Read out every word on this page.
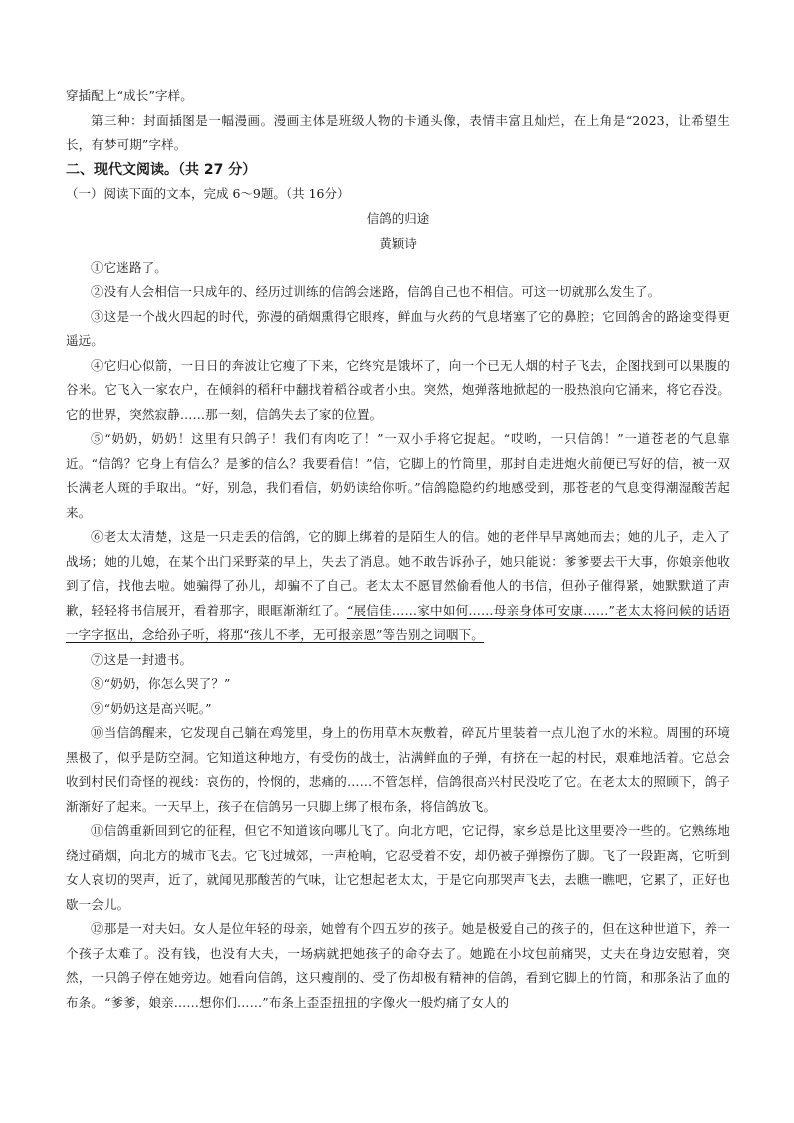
穿插配上“成长”字样。

第三种：封面插图是一幅漫画。漫画主体是班级人物的卡通头像，表情丰富且灿烂，在上角是“2023，让希望生长，有梦可期”字样。

二、现代文阅读。（共 27 分）

（一）阅读下面的文本，完成 6～9题。（共 16分）

信鸽的归途

黄颖诗

①它迷路了。

②没有人会相信一只成年的、经历过训练的信鸽会迷路，信鸽自己也不相信。可这一切就那么发生了。

③这是一个战火四起的时代，弥漫的硝烟熏得它眼疼，鲜血与火药的气息堵塞了它的鼻腔；它回鸽舍的路途变得更遥远。

④它归心似箭，一日日的奔波让它瘦了下来，它终究是饿坏了，向一个已无人烟的村子飞去，企图找到可以果腹的谷米。它飞入一家农户，在倾斜的稻秆中翻找着稻谷或者小虫。突然，炮弹落地掀起的一股热浪向它涌来，将它吞没。它的世界，突然寂静……那一刻，信鸽失去了家的位置。

⑤“奶奶，奶奶！这里有只鸽子！我们有肉吃了！”一双小手将它捉起。“哎哟，一只信鸽！”一道苍老的气息靠近。“信鸽？它身上有信么？是爹的信么？我要看信！”信，它脚上的竹筒里，那封自走进炮火前便已写好的信，被一双长满老人斑的手取出。“好，别急，我们看信，奶奶读给你听。”信鸽隐隐约约地感受到，那苍老的气息变得潮湿酸苦起来。

⑥老太太清楚，这是一只走丢的信鸽，它的脚上绑着的是陌生人的信。她的老伴早早离她而去；她的儿子，走入了战场；她的儿媳，在某个出门采野菜的早上，失去了消息。她不敢告诉孙子，她只能说：爹爹要去干大事，你娘亲他收到了信，找他去啦。她骗得了孙儿，却骗不了自己。老太太不愿冒然偷看他人的书信，但孙子催得紧，她默默道了声歉，轻轻将书信展开，看着那字，眼眶渐渐红了。“展信佳……家中如何……母亲身体可安康……”老太太将问候的话语一字字抠出，念给孙子听，将那“孩儿不孝，无可报亲恩”等告别之词咽下。

⑦这是一封遗书。

⑧“奶奶，你怎么哭了？”

⑨“奶奶这是高兴呢。”

⑩当信鸽醒来，它发现自己躺在鸡笼里，身上的伤用草木灰敷着，碎瓦片里装着一点儿泡了水的米粒。周围的环境黑极了，似乎是防空洞。它知道这种地方，有受伤的战士，沾满鲜血的子弹，有挤在一起的村民，艰难地活着。它总会收到村民们奇怪的视线：哀伤的，怜悯的，悲痛的……不管怎样，信鸽很高兴村民没吃了它。在老太太的照顾下，鸽子渐渐好了起来。一天早上，孩子在信鸽另一只脚上绑了根布条，将信鸽放飞。

⑪信鸽重新回到它的征程，但它不知道该向哪儿飞了。向北方吧，它记得，家乡总是比这里要冷一些的。它熟练地绕过硝烟，向北方的城市飞去。它飞过城郊，一声枪响，它忍受着不安，却仍被子弹擦伤了脚。飞了一段距离，它听到女人哀切的哭声，近了，就闻见那酸苦的气味，让它想起老太太，于是它向那哭声飞去，去瞧一瞧吧，它累了，正好也歇一会儿。

⑫那是一对夫妇。女人是位年轻的母亲，她曾有个四五岁的孩子。她是极爱自己的孩子的，但在这种世道下，养一个孩子太难了。没有钱，也没有大夫，一场病就把她孩子的命夺去了。她跪在小坟包前痛哭，丈夫在身边安慰着，突然，一只鸽子停在她旁边。她看向信鸽，这只瘦削的、受了伤却极有精神的信鸽，看到它脚上的竹筒，和那条沾了血的布条。“爹爹，娘亲……想你们……”布条上歪歪扭扭的字像火一般灼痛了女人的
